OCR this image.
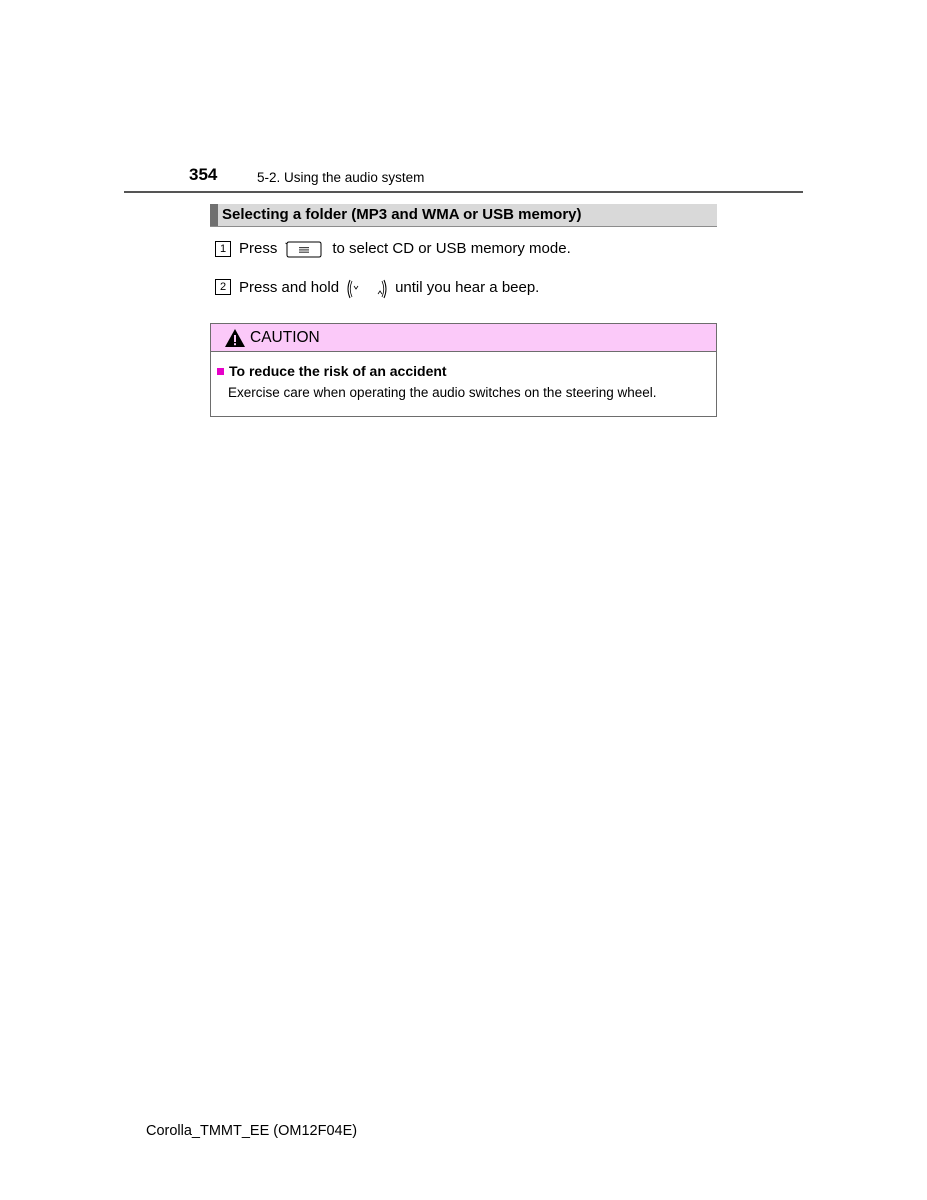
354	5-2. Using the audio system
Selecting a folder (MP3 and WMA or USB memory)
1 Press	to select CD or USB memory mode.
2 Press and hold	until you hear a beep.
CAUTION
To reduce the risk of an accident
Exercise care when operating the audio switches on the steering wheel.
Corolla_TMMT_EE (OM12F04E)
